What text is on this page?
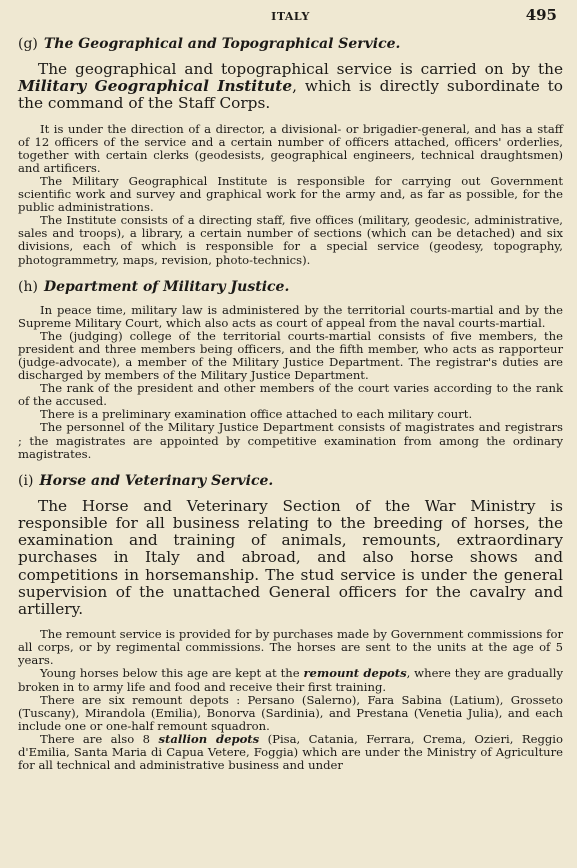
ITALY	495
(g) The Geographical and Topographical Service.

The geographical and topographical service is carried on by the Military Geographical Institute, which is directly subordinate to the command of the Staff Corps.

It is under the direction of a director, a divisional- or brigadier-general, and has a staff of 12 officers of the service and a certain number of officers attached, officers' orderlies, together with certain clerks (geodesists, geographical engineers, technical draughtsmen) and artificers.

The Military Geographical Institute is responsible for carrying out Government scientific work and survey and graphical work for the army and, as far as possible, for the public administrations.

The Institute consists of a directing staff, five offices (military, geodesic, administrative, sales and troops), a library, a certain number of sections (which can be detached) and six divisions, each of which is responsible for a special service (geodesy, topography, photogrammetry, maps, revision, photo-technics).

(h) Department of Military Justice.

In peace time, military law is administered by the territorial courts-martial and by the Supreme Military Court, which also acts as court of appeal from the naval courts-martial.

The (judging) college of the territorial courts-martial consists of five members, the president and three members being officers, and the fifth member, who acts as rapporteur (judge-advocate), a member of the Military Justice Department. The registrar's duties are discharged by members of the Military Justice Department.

The rank of the president and other members of the court varies according to the rank of the accused.

There is a preliminary examination office attached to each military court.

The personnel of the Military Justice Department consists of magistrates and registrars ; the magistrates are appointed by competitive examination from among the ordinary magistrates.

(i) Horse and Veterinary Service.

The Horse and Veterinary Section of the War Ministry is responsible for all business relating to the breeding of horses, the examination and training of animals, remounts, extraordinary purchases in Italy and abroad, and also horse shows and competitions in horsemanship. The stud service is under the general supervision of the unattached General officers for the cavalry and artillery.

The remount service is provided for by purchases made by Government commissions for all corps, or by regimental commissions. The horses are sent to the units at the age of 5 years.

Young horses below this age are kept at the remount depots, where they are gradually broken in to army life and food and receive their first training.

There are six remount depots : Persano (Salerno), Fara Sabina (Latium), Grosseto (Tuscany), Mirandola (Emilia), Bonorva (Sardinia), and Prestana (Venetia Julia), and each include one or one-half remount squadron.

There are also 8 stallion depots (Pisa, Catania, Ferrara, Crema, Ozieri, Reggio d'Emilia, Santa Maria di Capua Vetere, Foggia) which are under the Ministry of Agriculture for all technical and administrative business and under
